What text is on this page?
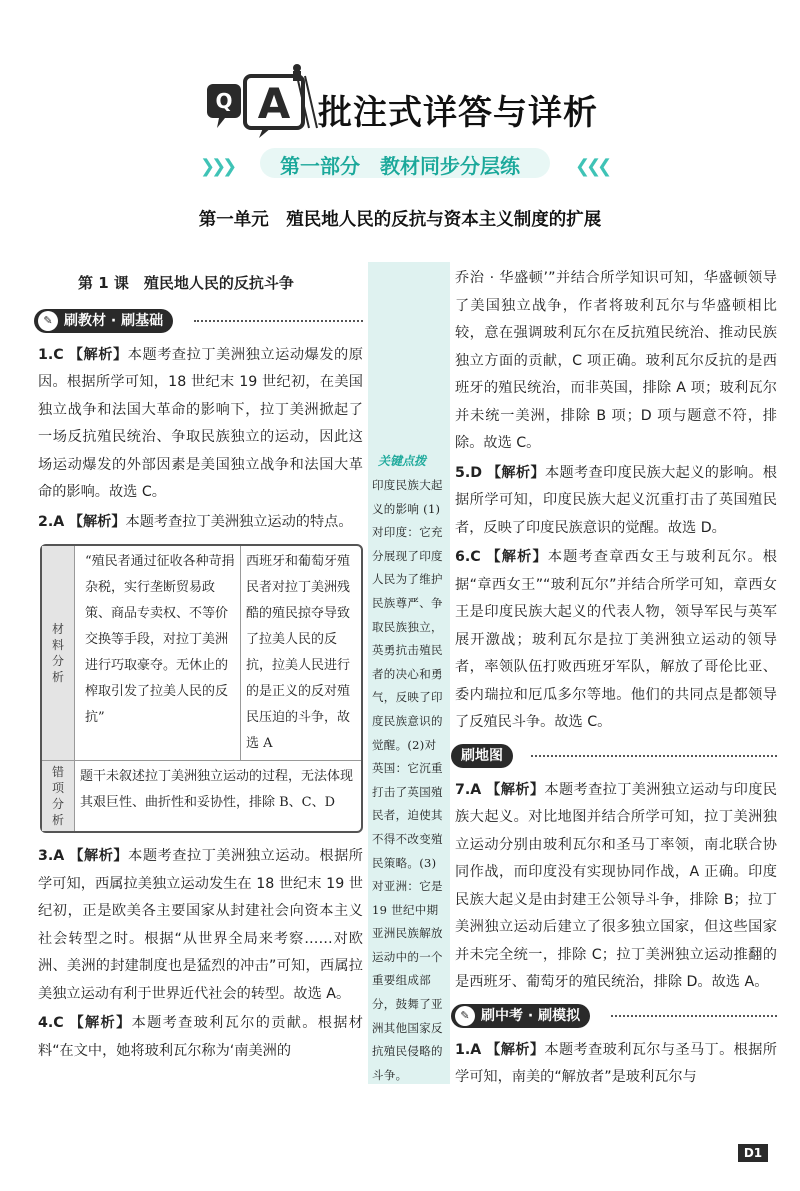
Q A 批注式详答与详析
❯❯❯	❮❮❮
第一部分　教材同步分层练
第一单元　殖民地人民的反抗与资本主义制度的扩展
关键点拨
印度民族大起义的影响 (1)对印度：它充分展现了印度人民为了维护民族尊严、争取民族独立，英勇抗击殖民者的决心和勇气，反映了印度民族意识的觉醒。(2)对英国：它沉重打击了英国殖民者，迫使其不得不改变殖民策略。(3)对亚洲：它是 19 世纪中期亚洲民族解放运动中的一个重要组成部分，鼓舞了亚洲其他国家反抗殖民侵略的斗争。
第 1 课　殖民地人民的反抗斗争
✎ 刷教材 · 刷基础
1.C 【解析】本题考查拉丁美洲独立运动爆发的原因。根据所学可知，18 世纪末 19 世纪初，在美国独立战争和法国大革命的影响下，拉丁美洲掀起了一场反抗殖民统治、争取民族独立的运动，因此这场运动爆发的外部因素是美国独立战争和法国大革命的影响。故选 C。
2.A 【解析】本题考查拉丁美洲独立运动的特点。
材料分析	“殖民者通过征收各种苛捐杂税，实行垄断贸易政策、商品专卖权、不等价交换等手段，对拉丁美洲进行巧取豪夺。无休止的榨取引发了拉美人民的反抗”	西班牙和葡萄牙殖民者对拉丁美洲残酷的殖民掠夺导致了拉美人民的反抗，拉美人民进行的是正义的反对殖民压迫的斗争，故选 A
错项分析	题干未叙述拉丁美洲独立运动的过程，无法体现其艰巨性、曲折性和妥协性，排除 B、C、D	
3.A 【解析】本题考查拉丁美洲独立运动。根据所学可知，西属拉美独立运动发生在 18 世纪末 19 世纪初，正是欧美各主要国家从封建社会向资本主义社会转型之时。根据“从世界全局来考察……对欧洲、美洲的封建制度也是猛烈的冲击”可知，西属拉美独立运动有利于世界近代社会的转型。故选 A。
4.C 【解析】本题考查玻利瓦尔的贡献。根据材料“在文中，她将玻利瓦尔称为‘南美洲的
乔治 · 华盛顿’”并结合所学知识可知，华盛顿领导了美国独立战争，作者将玻利瓦尔与华盛顿相比较，意在强调玻利瓦尔在反抗殖民统治、推动民族独立方面的贡献，C 项正确。玻利瓦尔反抗的是西班牙的殖民统治，而非英国，排除 A 项；玻利瓦尔并未统一美洲，排除 B 项；D 项与题意不符，排除。故选 C。
5.D 【解析】本题考查印度民族大起义的影响。根据所学可知，印度民族大起义沉重打击了英国殖民者，反映了印度民族意识的觉醒。故选 D。
6.C 【解析】本题考查章西女王与玻利瓦尔。根据“章西女王”“玻利瓦尔”并结合所学可知，章西女王是印度民族大起义的代表人物，领导军民与英军展开激战；玻利瓦尔是拉丁美洲独立运动的领导者，率领队伍打败西班牙军队，解放了哥伦比亚、委内瑞拉和厄瓜多尔等地。他们的共同点是都领导了反殖民斗争。故选 C。
刷地图
7.A 【解析】本题考查拉丁美洲独立运动与印度民族大起义。对比地图并结合所学可知，拉丁美洲独立运动分别由玻利瓦尔和圣马丁率领，南北联合协同作战，而印度没有实现协同作战，A 正确。印度民族大起义是由封建王公领导斗争，排除 B；拉丁美洲独立运动后建立了很多独立国家，但这些国家并未完全统一，排除 C；拉丁美洲独立运动推翻的是西班牙、葡萄牙的殖民统治，排除 D。故选 A。
✎ 刷中考 · 刷模拟
1.A 【解析】本题考查玻利瓦尔与圣马丁。根据所学可知，南美的“解放者”是玻利瓦尔与
D1
